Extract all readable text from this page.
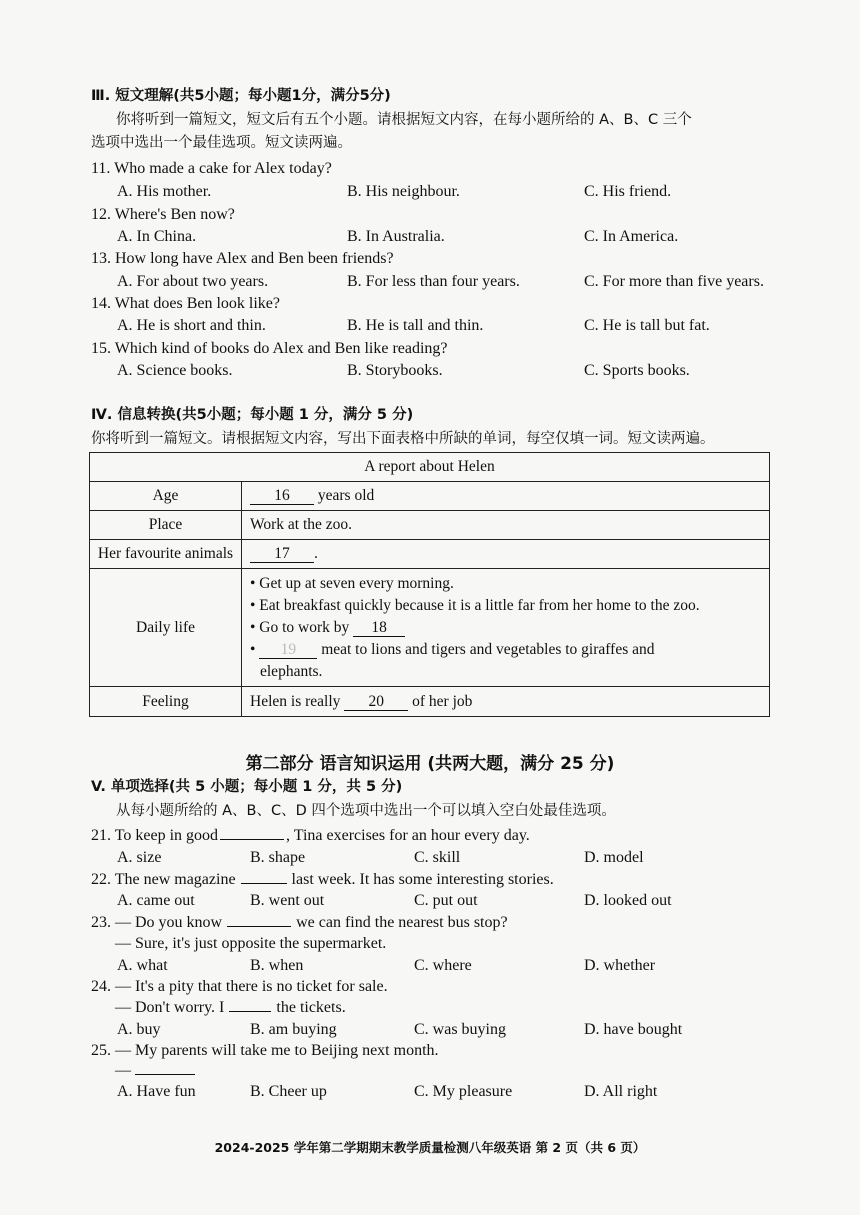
Ⅲ. 短文理解(共5小题；每小题1分，满分5分)
你将听到一篇短文，短文后有五个小题。请根据短文内容，在每小题所给的 A、B、C 三个
选项中选出一个最佳选项。短文读两遍。
11. Who made a cake for Alex today?
A. His mother.	B. His neighbour.	C. His friend.
12. Where's Ben now?
A. In China.	B. In Australia.	C. In America.
13. How long have Alex and Ben been friends?
A. For about two years.	B. For less than four years.	C. For more than five years.
14. What does Ben look like?
A. He is short and thin.	B. He is tall and thin.	C. He is tall but fat.
15. Which kind of books do Alex and Ben like reading?
A. Science books.	B. Storybooks.	C. Sports books.
Ⅳ. 信息转换(共5小题；每小题 1 分，满分 5 分)
你将听到一篇短文。请根据短文内容，写出下面表格中所缺的单词，每空仅填一词。短文读两遍。
A report about Helen	
Age	16 years old
Place	Work at the zoo.
Her favourite animals	17 .
Daily life	• Get up at seven every morning.
• Eat breakfast quickly because it is a little far from her home to the zoo.
• Go to work by 18
• 19 meat to lions and tigers and vegetables to giraffes and
elephants.

Feeling	Helen is really 20 of her job
第二部分 语言知识运用 (共两大题，满分 25 分)
V. 单项选择(共 5 小题；每小题 1 分，共 5 分)
从每小题所给的 A、B、C、D 四个选项中选出一个可以填入空白处最佳选项。
21. To keep in good	, Tina exercises for an hour every day.
A. size	B. shape	C. skill	D. model
22. The new magazine	last week. It has some interesting stories.
A. came out	B. went out	C. put out	D. looked out
23. — Do you know	we can find the nearest bus stop?
— Sure, it's just opposite the supermarket.
A. what	B. when	C. where	D. whether
24. — It's a pity that there is no ticket for sale.
— Don't worry. I	the tickets.
A. buy	B. am buying	C. was buying	D. have bought
25. — My parents will take me to Beijing next month.
—
A. Have fun	B. Cheer up	C. My pleasure	D. All right
2024-2025 学年第二学期期末教学质量检测八年级英语 第 2 页（共 6 页）
